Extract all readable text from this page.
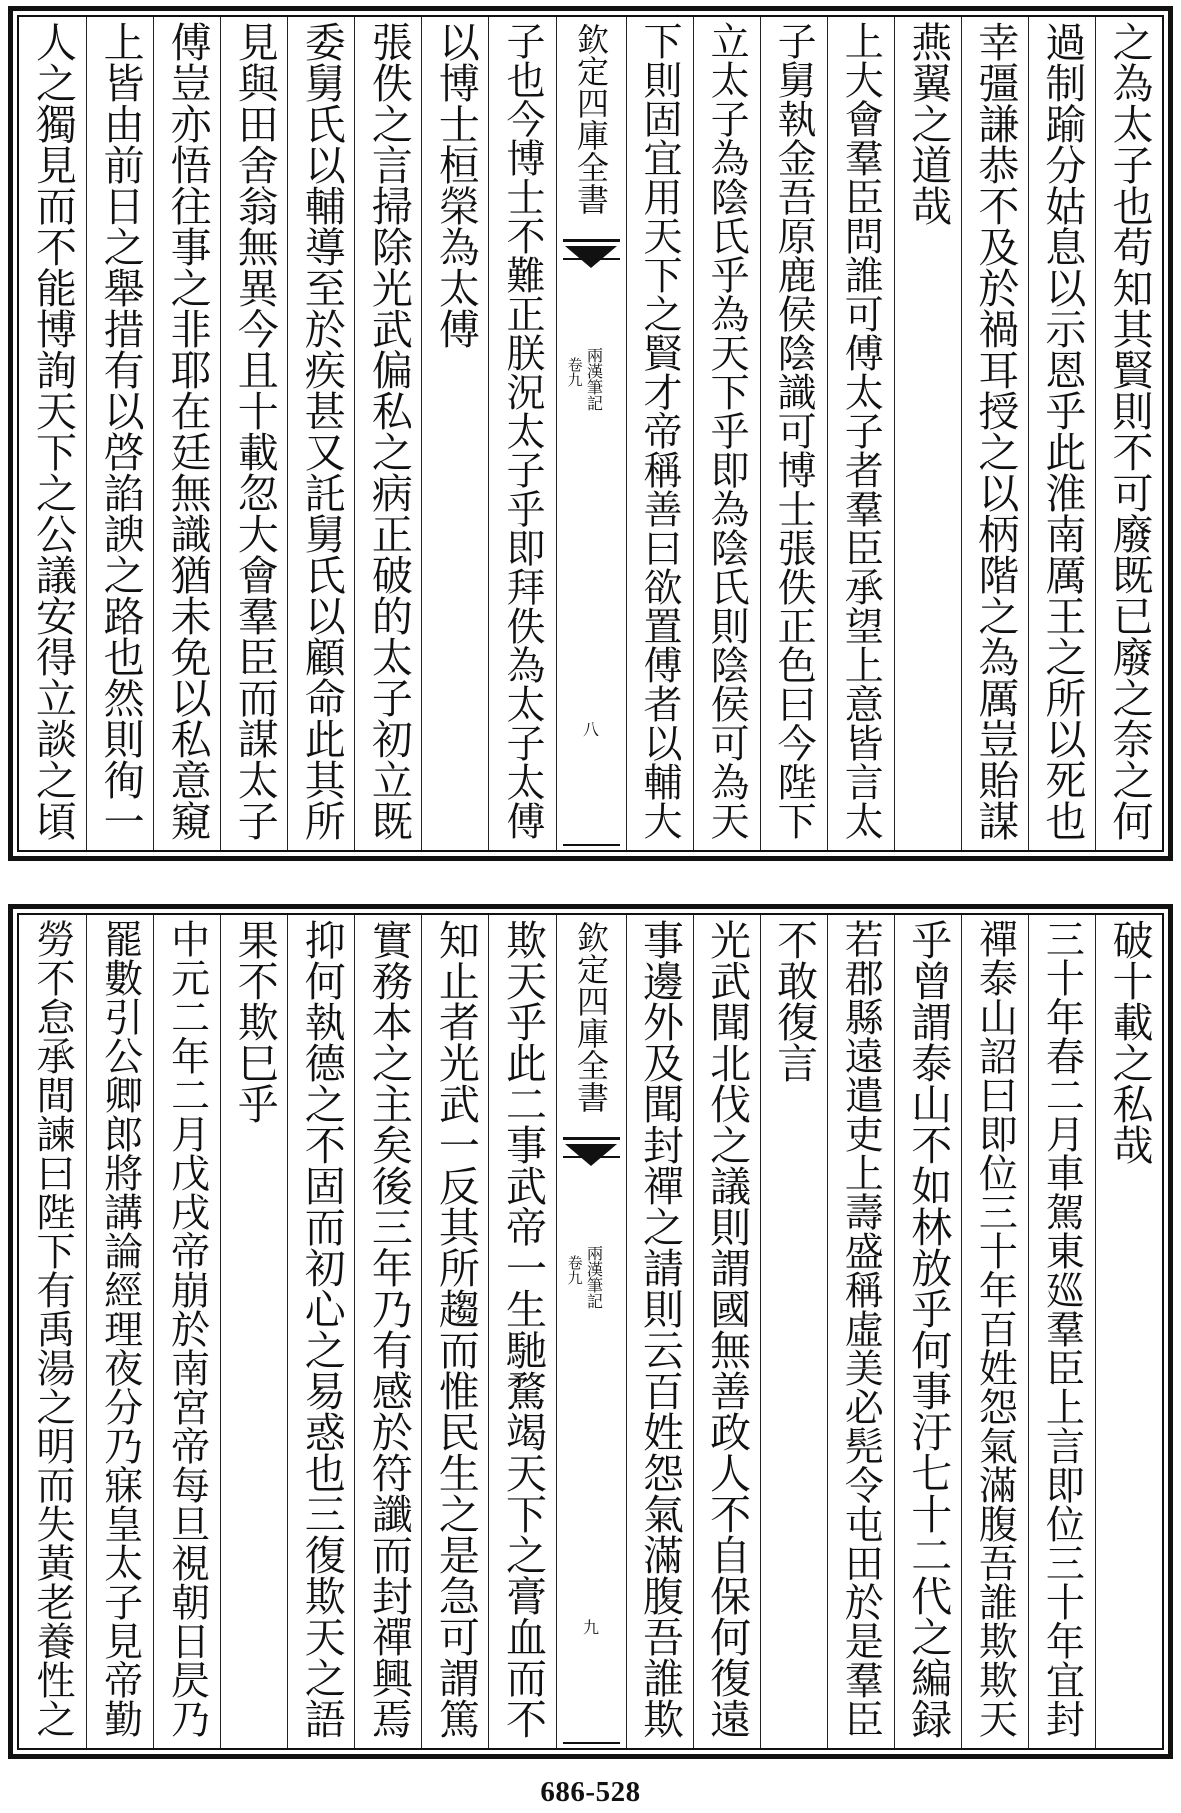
人之獨見而不能博詢天下之公議安得立談之頃 上皆由前日之舉措有以啓諂諛之路也然則徇一 傅豈亦悟往事之非耶在廷無識猶未免以私意窺 見與田舍翁無異今且十載忽大會羣臣而謀太子 委舅氏以輔導至於疾甚又託舅氏以顧命此其所 張佚之言掃除光武偏私之病正破的太子初立既 以博士桓榮為太傅 子也今博士不難正朕況太子乎即拜佚為太子太傅 欽定四庫全書
兩漢筆記
卷九
八 下則固宜用天下之賢才帝稱善曰欲置傅者以輔大 立太子為陰氏乎為天下乎即為陰氏則陰侯可為天 子舅執金吾原鹿侯陰識可博士張佚正色曰今陛下 上大會羣臣問誰可傅太子者羣臣承望上意皆言太 燕翼之道哉 幸彊謙恭不及於禍耳授之以柄階之為厲豈貽謀 過制踰分姑息以示恩乎此淮南厲王之所以死也 之為太子也苟知其賢則不可廢既已廢之奈之何
勞不怠承間諫曰陛下有禹湯之明而失黃老養性之 罷數引公卿郎將講論經理夜分乃寐皇太子見帝勤 中元二年二月戊戌帝崩於南宮帝每旦視朝日昃乃 果不欺巳乎 抑何執德之不固而初心之易惑也三復欺天之語 實務本之主矣後三年乃有感於符讖而封禪興焉 知止者光武一反其所趨而惟民生之是急可謂篤 欺天乎此二事武帝一生馳騖竭天下之膏血而不 欽定四庫全書
兩漢筆記
卷九
九 事邊外及聞封禪之請則云百姓怨氣滿腹吾誰欺 光武聞北伐之議則謂國無善政人不自保何復遠 不敢復言 若郡縣遠遣吏上壽盛稱虛美必髡令屯田於是羣臣 乎曾謂泰山不如林放乎何事汙七十二代之編録 禪泰山詔曰即位三十年百姓怨氣滿腹吾誰欺欺天 三十年春二月車駕東廵羣臣上言即位三十年宜封 破十載之私哉
686-528
